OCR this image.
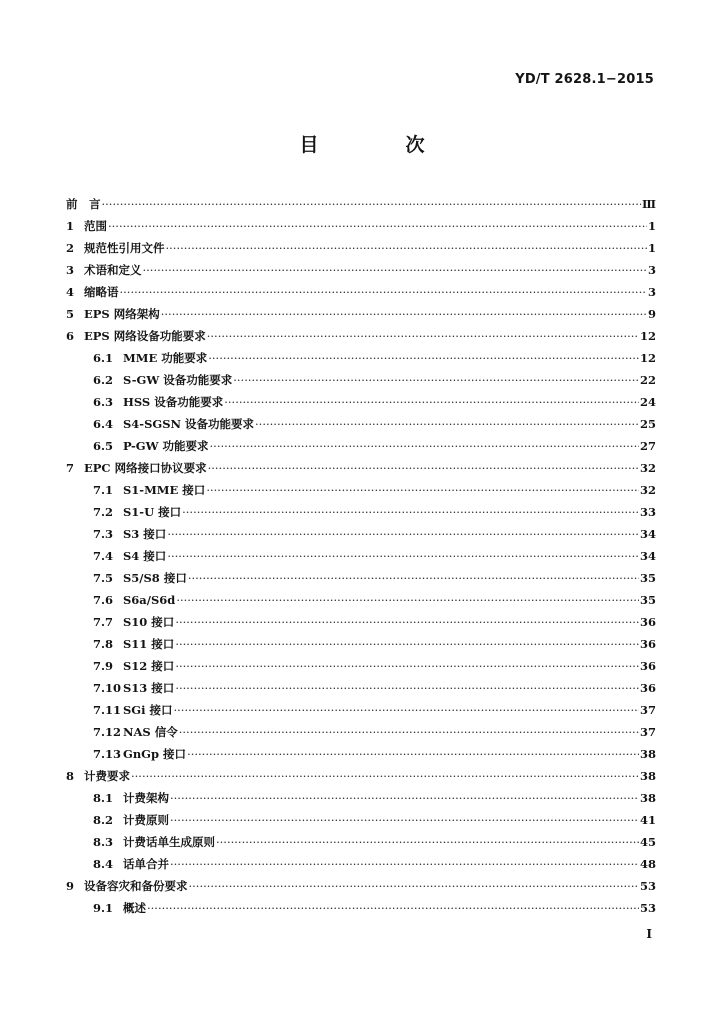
YD/T 2628.1−2015
目　次
前　言 ·····	Ⅲ
1 范围 ·····	1
2 规范性引用文件 ·····	1
3 术语和定义 ·····	3
4 缩略语 ·····	3
5 EPS 网络架构 ·····	9
6 EPS 网络设备功能要求 ·····	12
6.1 MME 功能要求 ·····	12
6.2 S-GW 设备功能要求 ·····	22
6.3 HSS 设备功能要求 ·····	24
6.4 S4-SGSN 设备功能要求 ·····	25
6.5 P-GW 功能要求 ·····	27
7 EPC 网络接口协议要求 ·····	32
7.1 S1-MME 接口 ·····	32
7.2 S1-U 接口 ·····	33
7.3 S3 接口 ·····	34
7.4 S4 接口 ·····	34
7.5 S5/S8 接口 ·····	35
7.6 S6a/S6d ·····	35
7.7 S10 接口 ·····	36
7.8 S11 接口 ·····	36
7.9 S12 接口 ·····	36
7.10 S13 接口 ·····	36
7.11 SGi 接口 ·····	37
7.12 NAS 信令 ·····	37
7.13 GnGp 接口 ·····	38
8 计费要求 ·····	38
8.1 计费架构 ·····	38
8.2 计费原则 ·····	41
8.3 计费话单生成原则 ·····	45
8.4 话单合并 ·····	48
9 设备容灾和备份要求 ·····	53
9.1 概述 ·····	53
I
